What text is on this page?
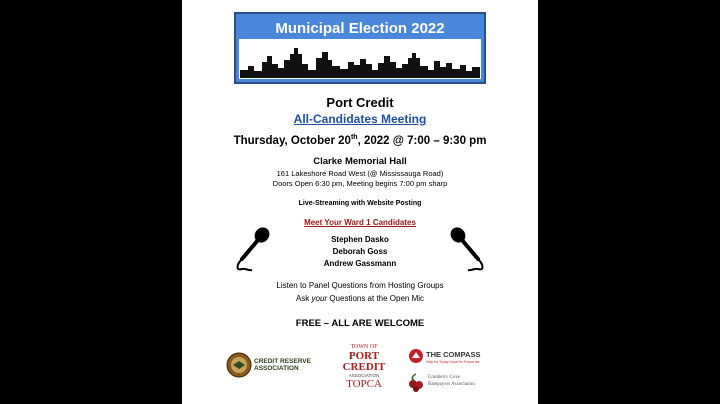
Municipal Election 2022
Port Credit
All-Candidates Meeting
Thursday, October 20th, 2022 @ 7:00 – 9:30 pm
Clarke Memorial Hall
161 Lakeshore Road West (@ Mississauga Road)
Doors Open 6:30 pm, Meeting begins 7:00 pm sharp
Live-Streaming with Website Posting
Meet Your Ward 1 Candidates
Stephen Dasko
Deborah Goss
Andrew Gassmann
Listen to Panel Questions from Hosting Groups
Ask your Questions at the Open Mic
FREE – ALL ARE WELCOME
CREDIT RESERVE
ASSOCIATION
TOWN OF
PORT
CREDIT
ASSOCIATION
TOPCA
THE COMPASS
Help for Today Hope for Tomorrow
Cranberry Cove
Ratepayers Association
